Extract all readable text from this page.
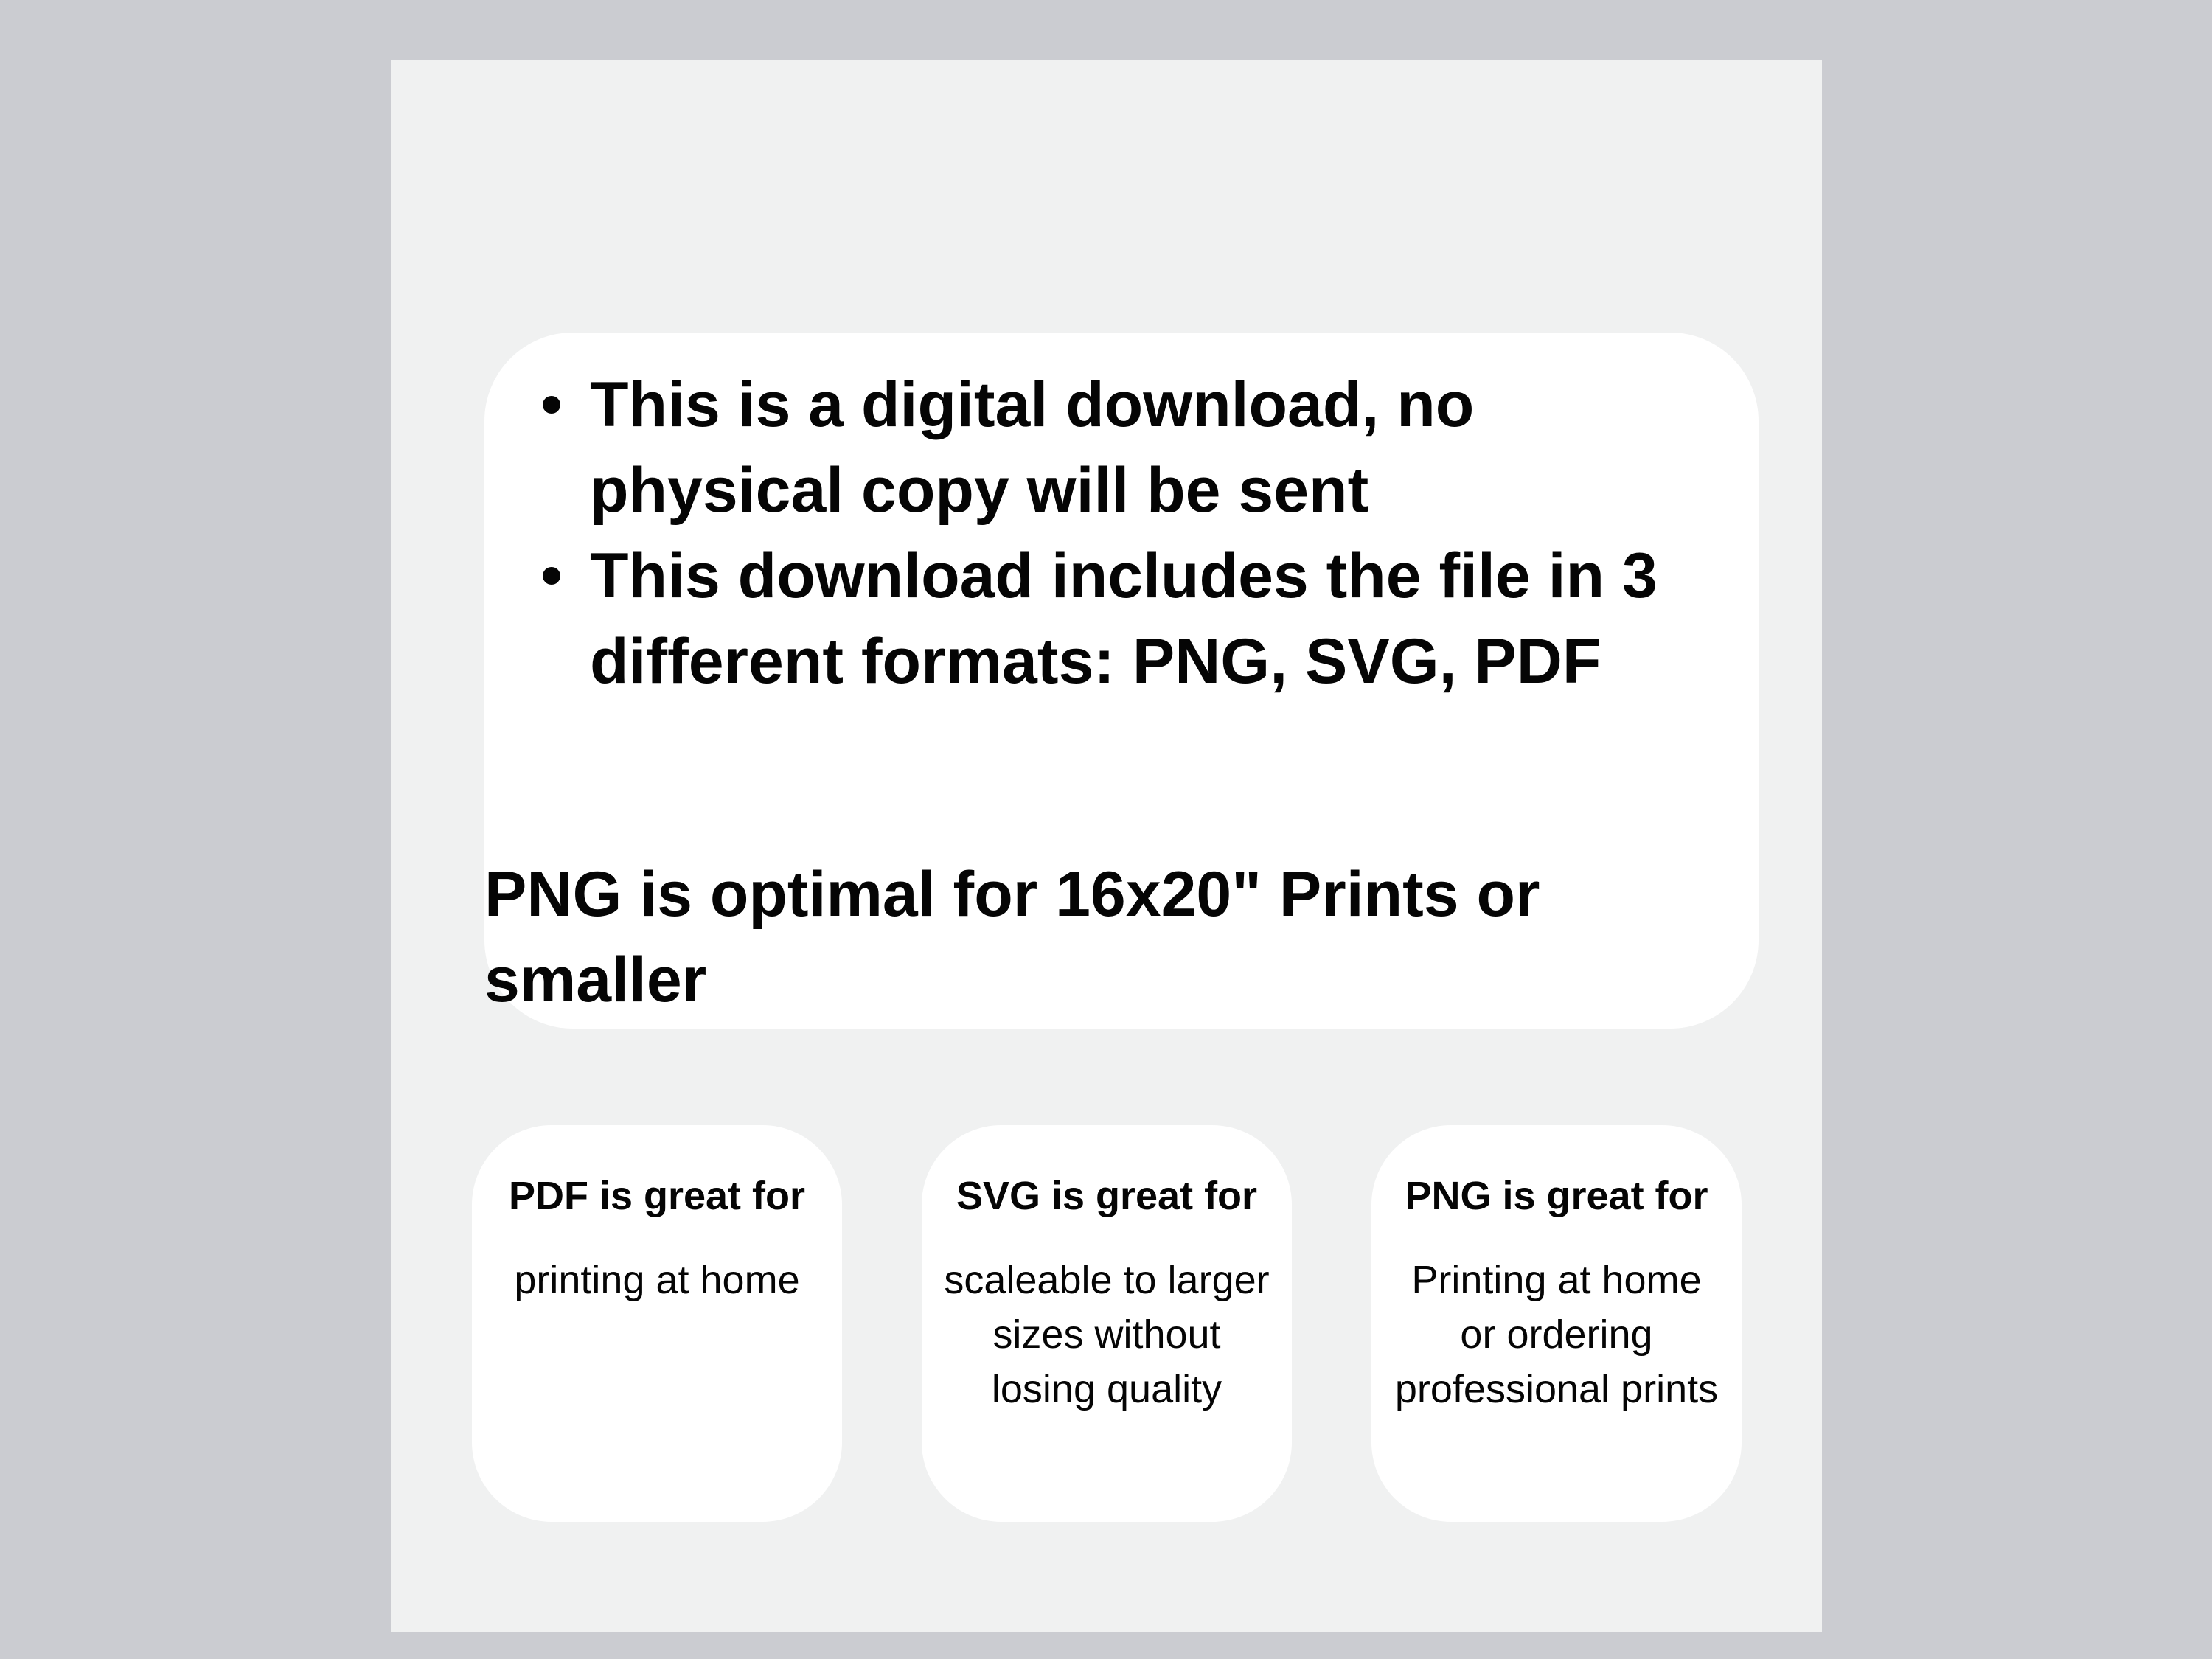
This is a digital download, no physical copy will be sent
This download includes the file in 3 different formats: PNG, SVG, PDF

PNG is optimal for 16x20" Prints or smaller

PDF is great for
printing at home
SVG is great for
scaleable to larger sizes without losing quality
PNG is great for
Printing at home or ordering professional prints
